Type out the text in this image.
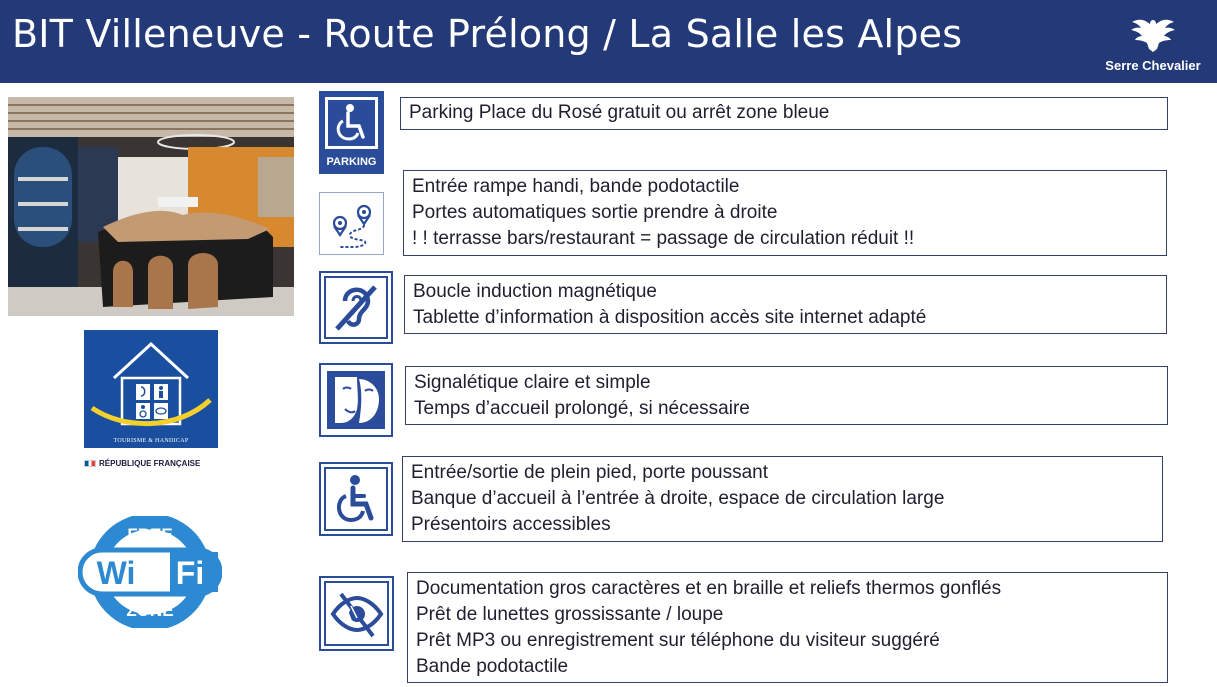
BIT Villeneuve - Route Prélong / La Salle les Alpes
Serre Chevalier
TOURISME & HANDICAP
RÉPUBLIQUE FRANÇAISE
FREE
Wi Fi
ZONE
PARKING
Parking Place du Rosé gratuit ou arrêt zone bleue
Entrée rampe handi, bande podotactile
Portes automatiques sortie prendre à droite
! ! terrasse bars/restaurant = passage de circulation réduit !!
Boucle induction magnétique
Tablette d’information à disposition accès site internet adapté
Signalétique claire et simple
Temps d’accueil prolongé, si nécessaire
Entrée/sortie de plein pied, porte poussant
Banque d’accueil à l’entrée à droite, espace de circulation large
Présentoirs accessibles
Documentation gros caractères et en braille et reliefs thermos gonflés
Prêt de lunettes grossissante / loupe
Prêt MP3 ou enregistrement sur téléphone du visiteur suggéré
Bande podotactile
